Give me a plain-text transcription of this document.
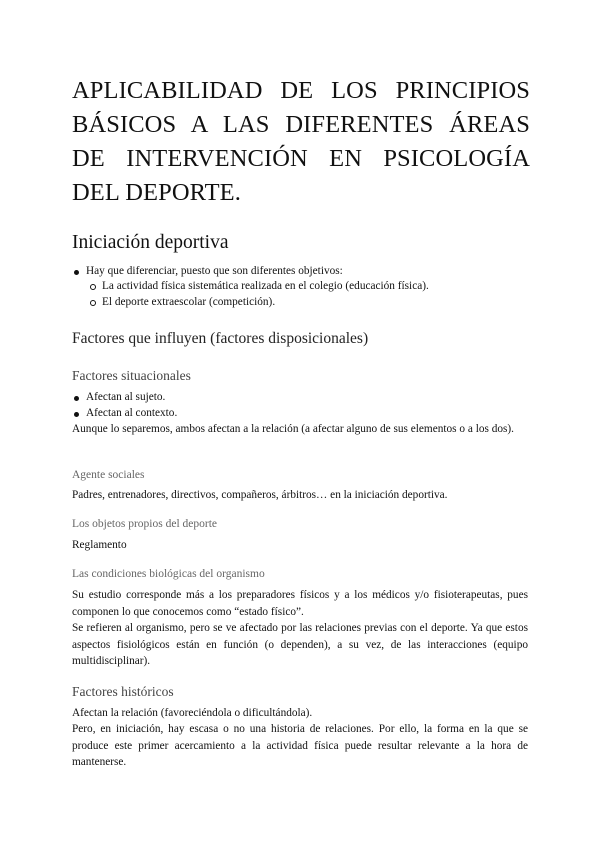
APLICABILIDAD DE LOS PRINCIPIOS BÁSICOS A LAS DIFERENTES ÁREAS DE INTERVENCIÓN EN PSICOLOGÍA DEL DEPORTE.
Iniciación deportiva

Hay que diferenciar, puesto que son diferentes objetivos:

La actividad física sistemática realizada en el colegio (educación física).

El deporte extraescolar (competición).

Factores que influyen (factores disposicionales)
Factores situacionales

Afectan al sujeto.

Afectan al contexto.

Aunque lo separemos, ambos afectan a la relación (a afectar alguno de sus elementos o a los dos).

Agente sociales

Padres, entrenadores, directivos, compañeros, árbitros… en la iniciación deportiva.

Los objetos propios del deporte

Reglamento

Las condiciones biológicas del organismo

Su estudio corresponde más a los preparadores físicos y a los médicos y/o fisioterapeutas, pues componen lo que conocemos como “estado físico”.

Se refieren al organismo, pero se ve afectado por las relaciones previas con el deporte. Ya que estos aspectos fisiológicos están en función (o dependen), a su vez, de las interacciones (equipo multidisciplinar).

Factores históricos

Afectan la relación (favoreciéndola o dificultándola).

Pero, en iniciación, hay escasa o no una historia de relaciones. Por ello, la forma en la que se produce este primer acercamiento a la actividad física puede resultar relevante a la hora de mantenerse.
